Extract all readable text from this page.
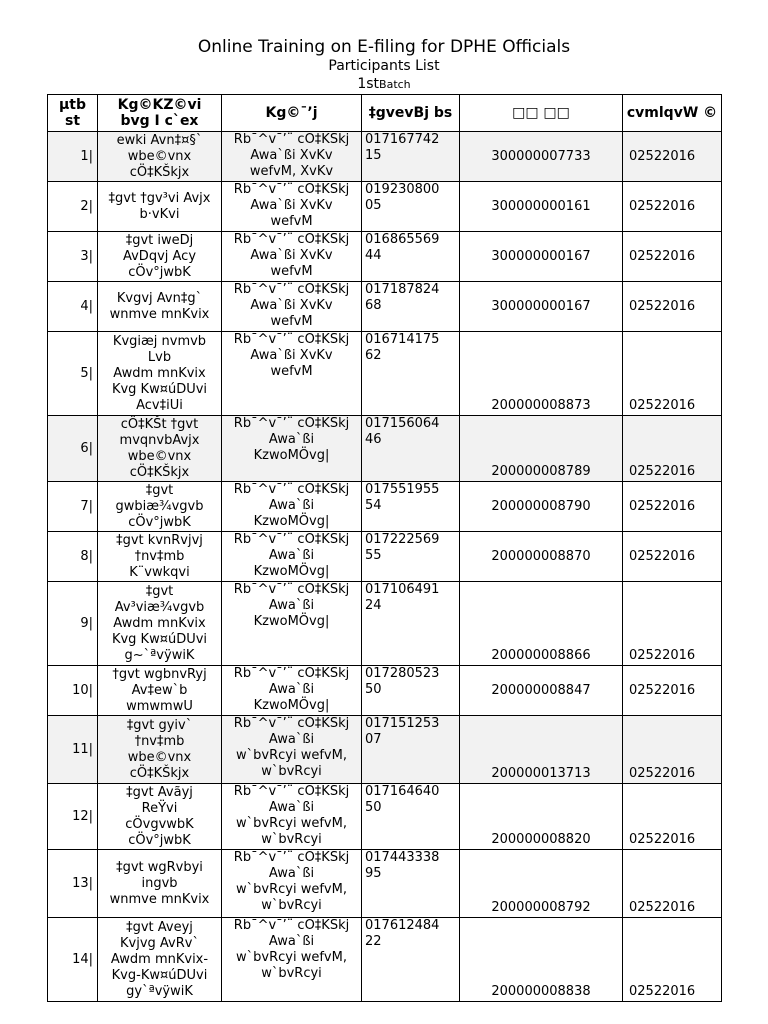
Online Training on E-filing for DPHE Officials
Participants List
1stBatch
µtb st	Kg©KZ©vi bvg I c`ex	Kg©¯’j	‡gvevBj bs	□□ □□	cvmlqvW ©
1|	ewki Avn‡¤§`
wbe©vnx
cÖ‡KŠkjx	Rb¯^v¯’¨ cÖ‡KŠkj
Awa`ßi XvKv
wefvM, XvKv	017167742
15	300000007733	02522016
2|	‡gvt †gv³vi Avjx
b·vKvi	Rb¯^v¯’¨ cÖ‡KŠkj
Awa`ßi XvKv
wefvM	019230800
05	300000000161	02522016
3|	‡gvt iweDj
AvDqvj Acy
cÖv°jwbK	Rb¯^v¯’¨ cÖ‡KŠkj
Awa`ßi XvKv
wefvM	016865569
44	300000000167	02522016
4|	Kvgvj Avn‡g`
wnmve mnKvix	Rb¯^v¯’¨ cÖ‡KŠkj
Awa`ßi XvKv
wefvM	017187824
68	300000000167	02522016
5|	Kvgiæj nvmvb
Lvb
Awdm mnKvix
Kvg Kw¤úDUvi
Acv‡iUi	Rb¯^v¯’¨ cÖ‡KŠkj
Awa`ßi XvKv
wefvM	016714175
62	200000008873	02522016
6|	cÖ‡KŠt †gvt
mvqnvbAvjx
wbe©vnx
cÖ‡KŠkjx	Rb¯^v¯’¨ cÖ‡KŠkj
Awa`ßi
KzwoMÖvg|	017156064
46	200000008789	02522016
7|	‡gvt
gwbiæ¾vgvb
cÖv°jwbK	Rb¯^v¯’¨ cÖ‡KŠkj
Awa`ßi
KzwoMÖvg|	017551955
54	200000008790	02522016
8|	‡gvt kvnRvjvj
†nv‡mb
K¨vwkqvi	Rb¯^v¯’¨ cÖ‡KŠkj
Awa`ßi
KzwoMÖvg|	017222569
55	200000008870	02522016
9|	‡gvt
Av³viæ¾vgvb
Awdm mnKvix
Kvg Kw¤úDUvi
g~`ªvÿwiK	Rb¯^v¯’¨ cÖ‡KŠkj
Awa`ßi
KzwoMÖvg|	017106491
24	200000008866	02522016
10|	†gvt wgbnvRyj
Av‡ew`b
wmwmwU	Rb¯^v¯’¨ cÖ‡KŠkj
Awa`ßi
KzwoMÖvg|	017280523
50	200000008847	02522016
11|	‡gvt gyiv`
†nv‡mb
wbe©vnx
cÖ‡KŠkjx	Rb¯^v¯’¨ cÖ‡KŠkj
Awa`ßi
w`bvRcyi wefvM,
w`bvRcyi	017151253
07	200000013713	02522016
12|	‡gvt Avãyj
ReŸvi
cÖvgvwbK
cÖv°jwbK	Rb¯^v¯’¨ cÖ‡KŠkj
Awa`ßi
w`bvRcyi wefvM,
w`bvRcyi	017164640
50	200000008820	02522016
13|	‡gvt wgRvbyi
ingvb
wnmve mnKvix	Rb¯^v¯’¨ cÖ‡KŠkj
Awa`ßi
w`bvRcyi wefvM,
w`bvRcyi	017443338
95	200000008792	02522016
14|	‡gvt Aveyj
Kvjvg AvRv`
Awdm mnKvix-
Kvg-Kw¤úDUvi
gy`ªvÿwiK	Rb¯^v¯’¨ cÖ‡KŠkj
Awa`ßi
w`bvRcyi wefvM,
w`bvRcyi	017612484
22	200000008838	02522016
